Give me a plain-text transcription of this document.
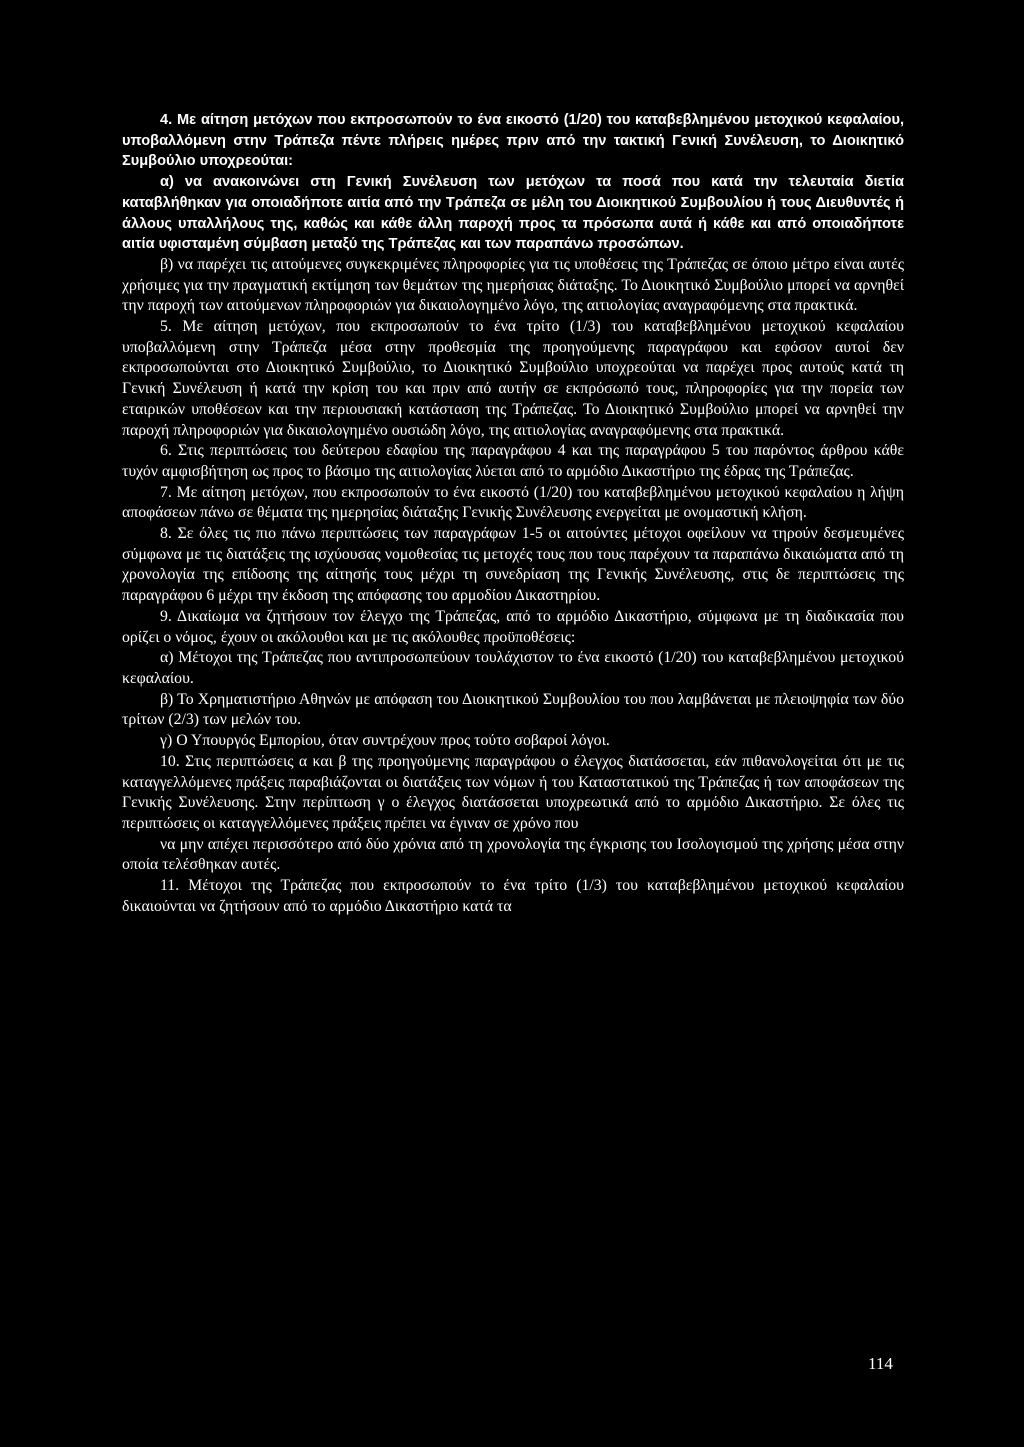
4. Με αίτηση μετόχων που εκπροσωπούν το ένα εικοστό (1/20) του καταβεβλημένου μετοχικού κεφαλαίου, υποβαλλόμενη στην Τράπεζα πέντε πλήρεις ημέρες πριν από την τακτική Γενική Συνέλευση, το Διοικητικό Συμβούλιο υποχρεούται:

α) να ανακοινώνει στη Γενική Συνέλευση των μετόχων τα ποσά που κατά την τελευταία διετία καταβλήθηκαν για οποιαδήποτε αιτία από την Τράπεζα σε μέλη του Διοικητικού Συμβουλίου ή τους Διευθυντές ή άλλους υπαλλήλους της, καθώς και κάθε άλλη παροχή προς τα πρόσωπα αυτά ή κάθε και από οποιαδήποτε αιτία υφισταμένη σύμβαση μεταξύ της Τράπεζας και των παραπάνω προσώπων.

β) να παρέχει τις αιτούμενες συγκεκριμένες πληροφορίες για τις υποθέσεις της Τράπεζας σε όποιο μέτρο είναι αυτές χρήσιμες για την πραγματική εκτίμηση των θεμάτων της ημερήσιας διάταξης. Το Διοικητικό Συμβούλιο μπορεί να αρνηθεί την παροχή των αιτούμενων πληροφοριών για δικαιολογημένο λόγο, της αιτιολογίας αναγραφόμενης στα πρακτικά.

5. Με αίτηση μετόχων, που εκπροσωπούν το ένα τρίτο (1/3) του καταβεβλημένου μετοχικού κεφαλαίου υποβαλλόμενη στην Τράπεζα μέσα στην προθεσμία της προηγούμενης παραγράφου και εφόσον αυτοί δεν εκπροσωπούνται στο Διοικητικό Συμβούλιο, το Διοικητικό Συμβούλιο υποχρεούται να παρέχει προς αυτούς κατά τη Γενική Συνέλευση ή κατά την κρίση του και πριν από αυτήν σε εκπρόσωπό τους, πληροφορίες για την πορεία των εταιρικών υποθέσεων και την περιουσιακή κατάσταση της Τράπεζας. Το Διοικητικό Συμβούλιο μπορεί να αρνηθεί την παροχή πληροφοριών για δικαιολογημένο ουσιώδη λόγο, της αιτιολογίας αναγραφόμενης στα πρακτικά.

6. Στις περιπτώσεις του δεύτερου εδαφίου της παραγράφου 4 και της παραγράφου 5 του παρόντος άρθρου κάθε τυχόν αμφισβήτηση ως προς το βάσιμο της αιτιολογίας λύεται από το αρμόδιο Δικαστήριο της έδρας της Τράπεζας.

7. Με αίτηση μετόχων, που εκπροσωπούν το ένα εικοστό (1/20) του καταβεβλημένου μετοχικού κεφαλαίου η λήψη αποφάσεων πάνω σε θέματα της ημερησίας διάταξης Γενικής Συνέλευσης ενεργείται με ονομαστική κλήση.

8. Σε όλες τις πιο πάνω περιπτώσεις των παραγράφων 1-5 οι αιτούντες μέτοχοι οφείλουν να τηρούν δεσμευμένες σύμφωνα με τις διατάξεις της ισχύουσας νομοθεσίας τις μετοχές τους που τους παρέχουν τα παραπάνω δικαιώματα από τη χρονολογία της επίδοσης της αίτησής τους μέχρι τη συνεδρίαση της Γενικής Συνέλευσης, στις δε περιπτώσεις της παραγράφου 6 μέχρι την έκδοση της απόφασης του αρμοδίου Δικαστηρίου.

9. Δικαίωμα να ζητήσουν τον έλεγχο της Τράπεζας, από το αρμόδιο Δικαστήριο, σύμφωνα με τη διαδικασία που ορίζει ο νόμος, έχουν οι ακόλουθοι και με τις ακόλουθες προϋποθέσεις:

α) Μέτοχοι της Τράπεζας που αντιπροσωπεύουν τουλάχιστον το ένα εικοστό (1/20) του καταβεβλημένου μετοχικού κεφαλαίου.

β) Το Χρηματιστήριο Αθηνών με απόφαση του Διοικητικού Συμβουλίου του που λαμβάνεται με πλειοψηφία των δύο τρίτων (2/3) των μελών του.

γ) Ο Υπουργός Εμπορίου, όταν συντρέχουν προς τούτο σοβαροί λόγοι.

10. Στις περιπτώσεις α και β της προηγούμενης παραγράφου ο έλεγχος διατάσσεται, εάν πιθανολογείται ότι με τις καταγγελλόμενες πράξεις παραβιάζονται οι διατάξεις των νόμων ή του Καταστατικού της Τράπεζας ή των αποφάσεων της Γενικής Συνέλευσης. Στην περίπτωση γ ο έλεγχος διατάσσεται υποχρεωτικά από το αρμόδιο Δικαστήριο. Σε όλες τις περιπτώσεις οι καταγγελλόμενες πράξεις πρέπει να έγιναν σε χρόνο που

να μην απέχει περισσότερο από δύο χρόνια από τη χρονολογία της έγκρισης του Ισολογισμού της χρήσης μέσα στην οποία τελέσθηκαν αυτές.

11. Μέτοχοι της Τράπεζας που εκπροσωπούν το ένα τρίτο (1/3) του καταβεβλημένου μετοχικού κεφαλαίου δικαιούνται να ζητήσουν από το αρμόδιο Δικαστήριο κατά τα

114
